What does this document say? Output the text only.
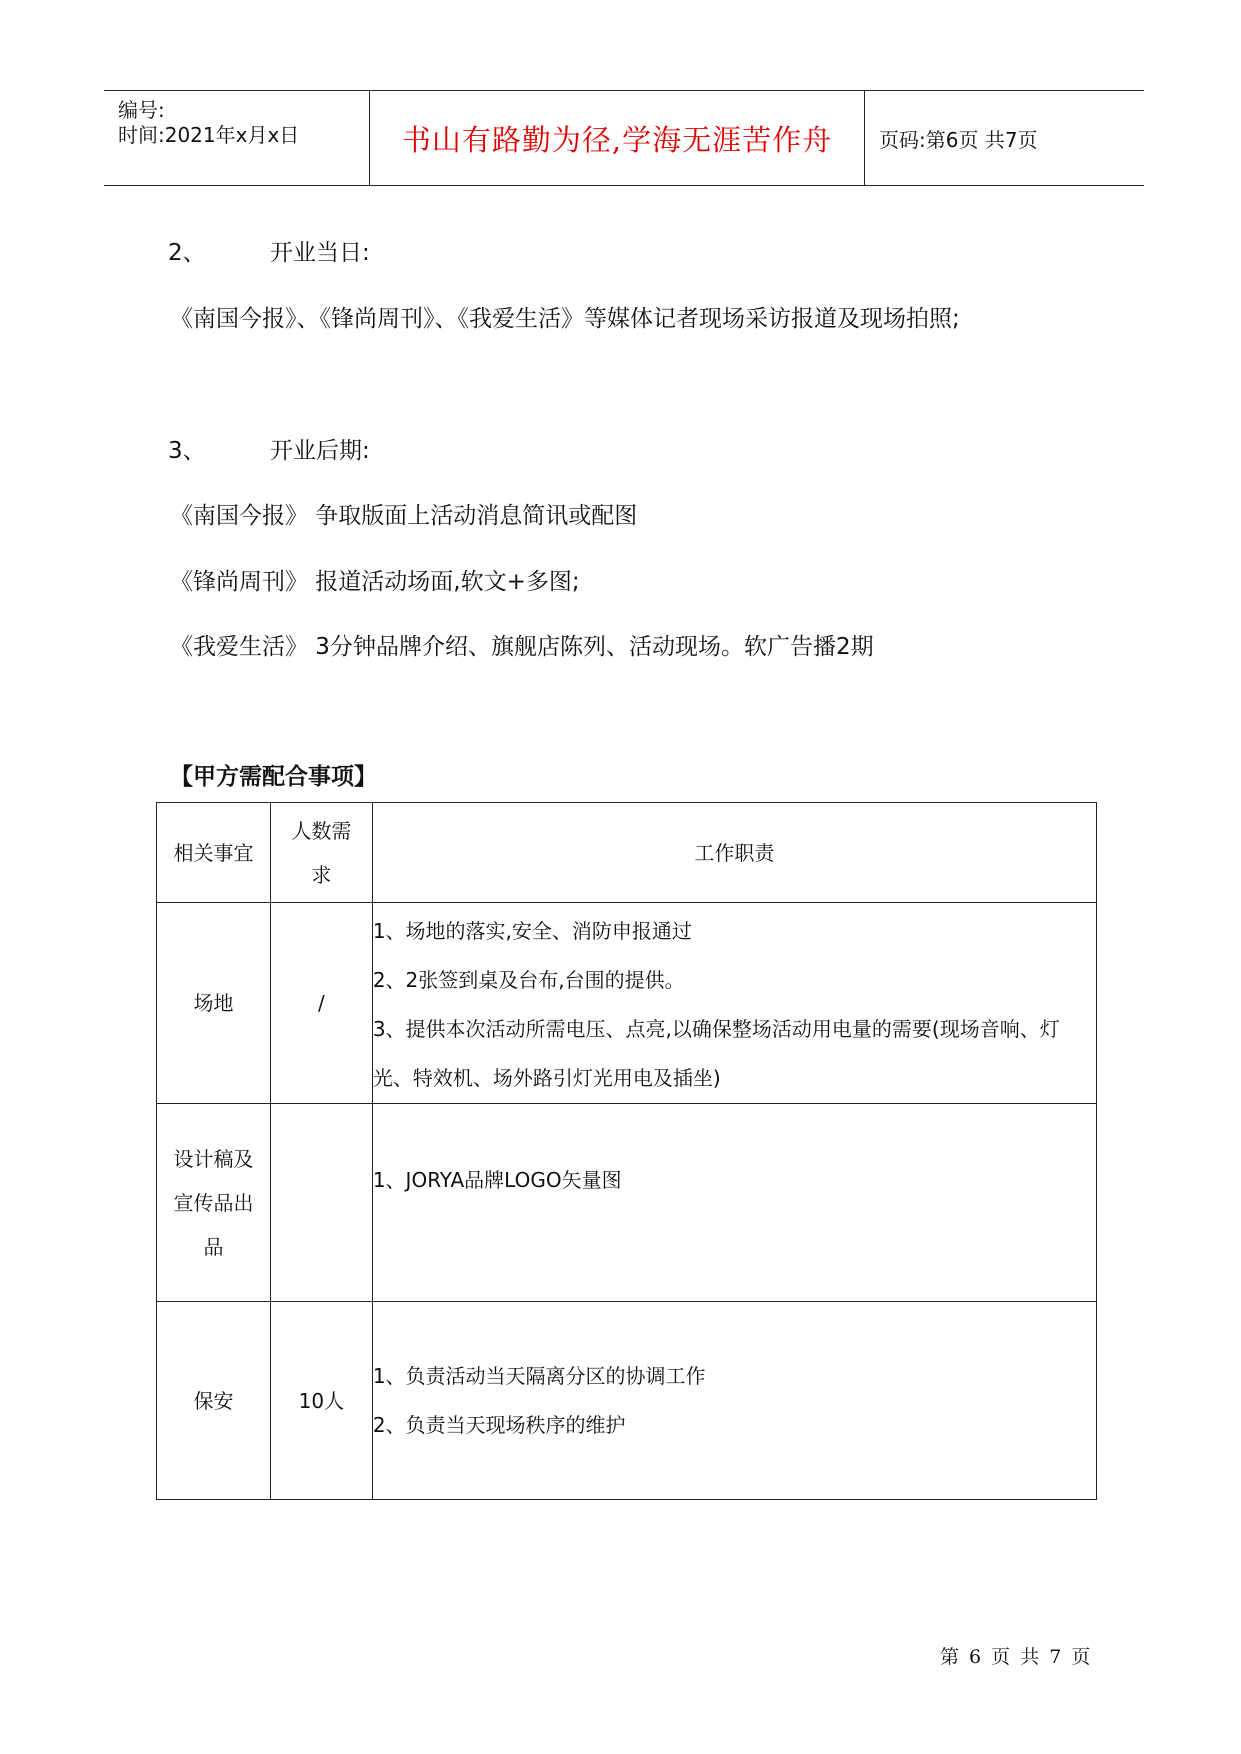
编号:
时间:2021年x月x日	书山有路勤为径,学海无涯苦作舟 页码:第6页 共7页
2、	开业当日:
《南国今报》、《锋尚周刊》、《我爱生活》等媒体记者现场采访报道及现场拍照;
3、	开业后期:
《南国今报》 争取版面上活动消息简讯或配图
《锋尚周刊》 报道活动场面,软文+多图;
《我爱生活》 3分钟品牌介绍、旗舰店陈列、活动现场。软广告播2期
【甲方需配合事项】
相关事宜	人数需求	工作职责
场地	/	1、场地的落实,安全、消防申报通过
2、2张签到桌及台布,台围的提供。
3、提供本次活动所需电压、点亮,以确保整场活动用电量的需要(现场音响、灯光、特效机、场外路引灯光用电及插坐)

设计稿及宣传品出品		1、JORYA品牌LOGO矢量图

保安	10人	1、负责活动当天隔离分区的协调工作
2、负责当天现场秩序的维护
第 6 页 共 7 页
